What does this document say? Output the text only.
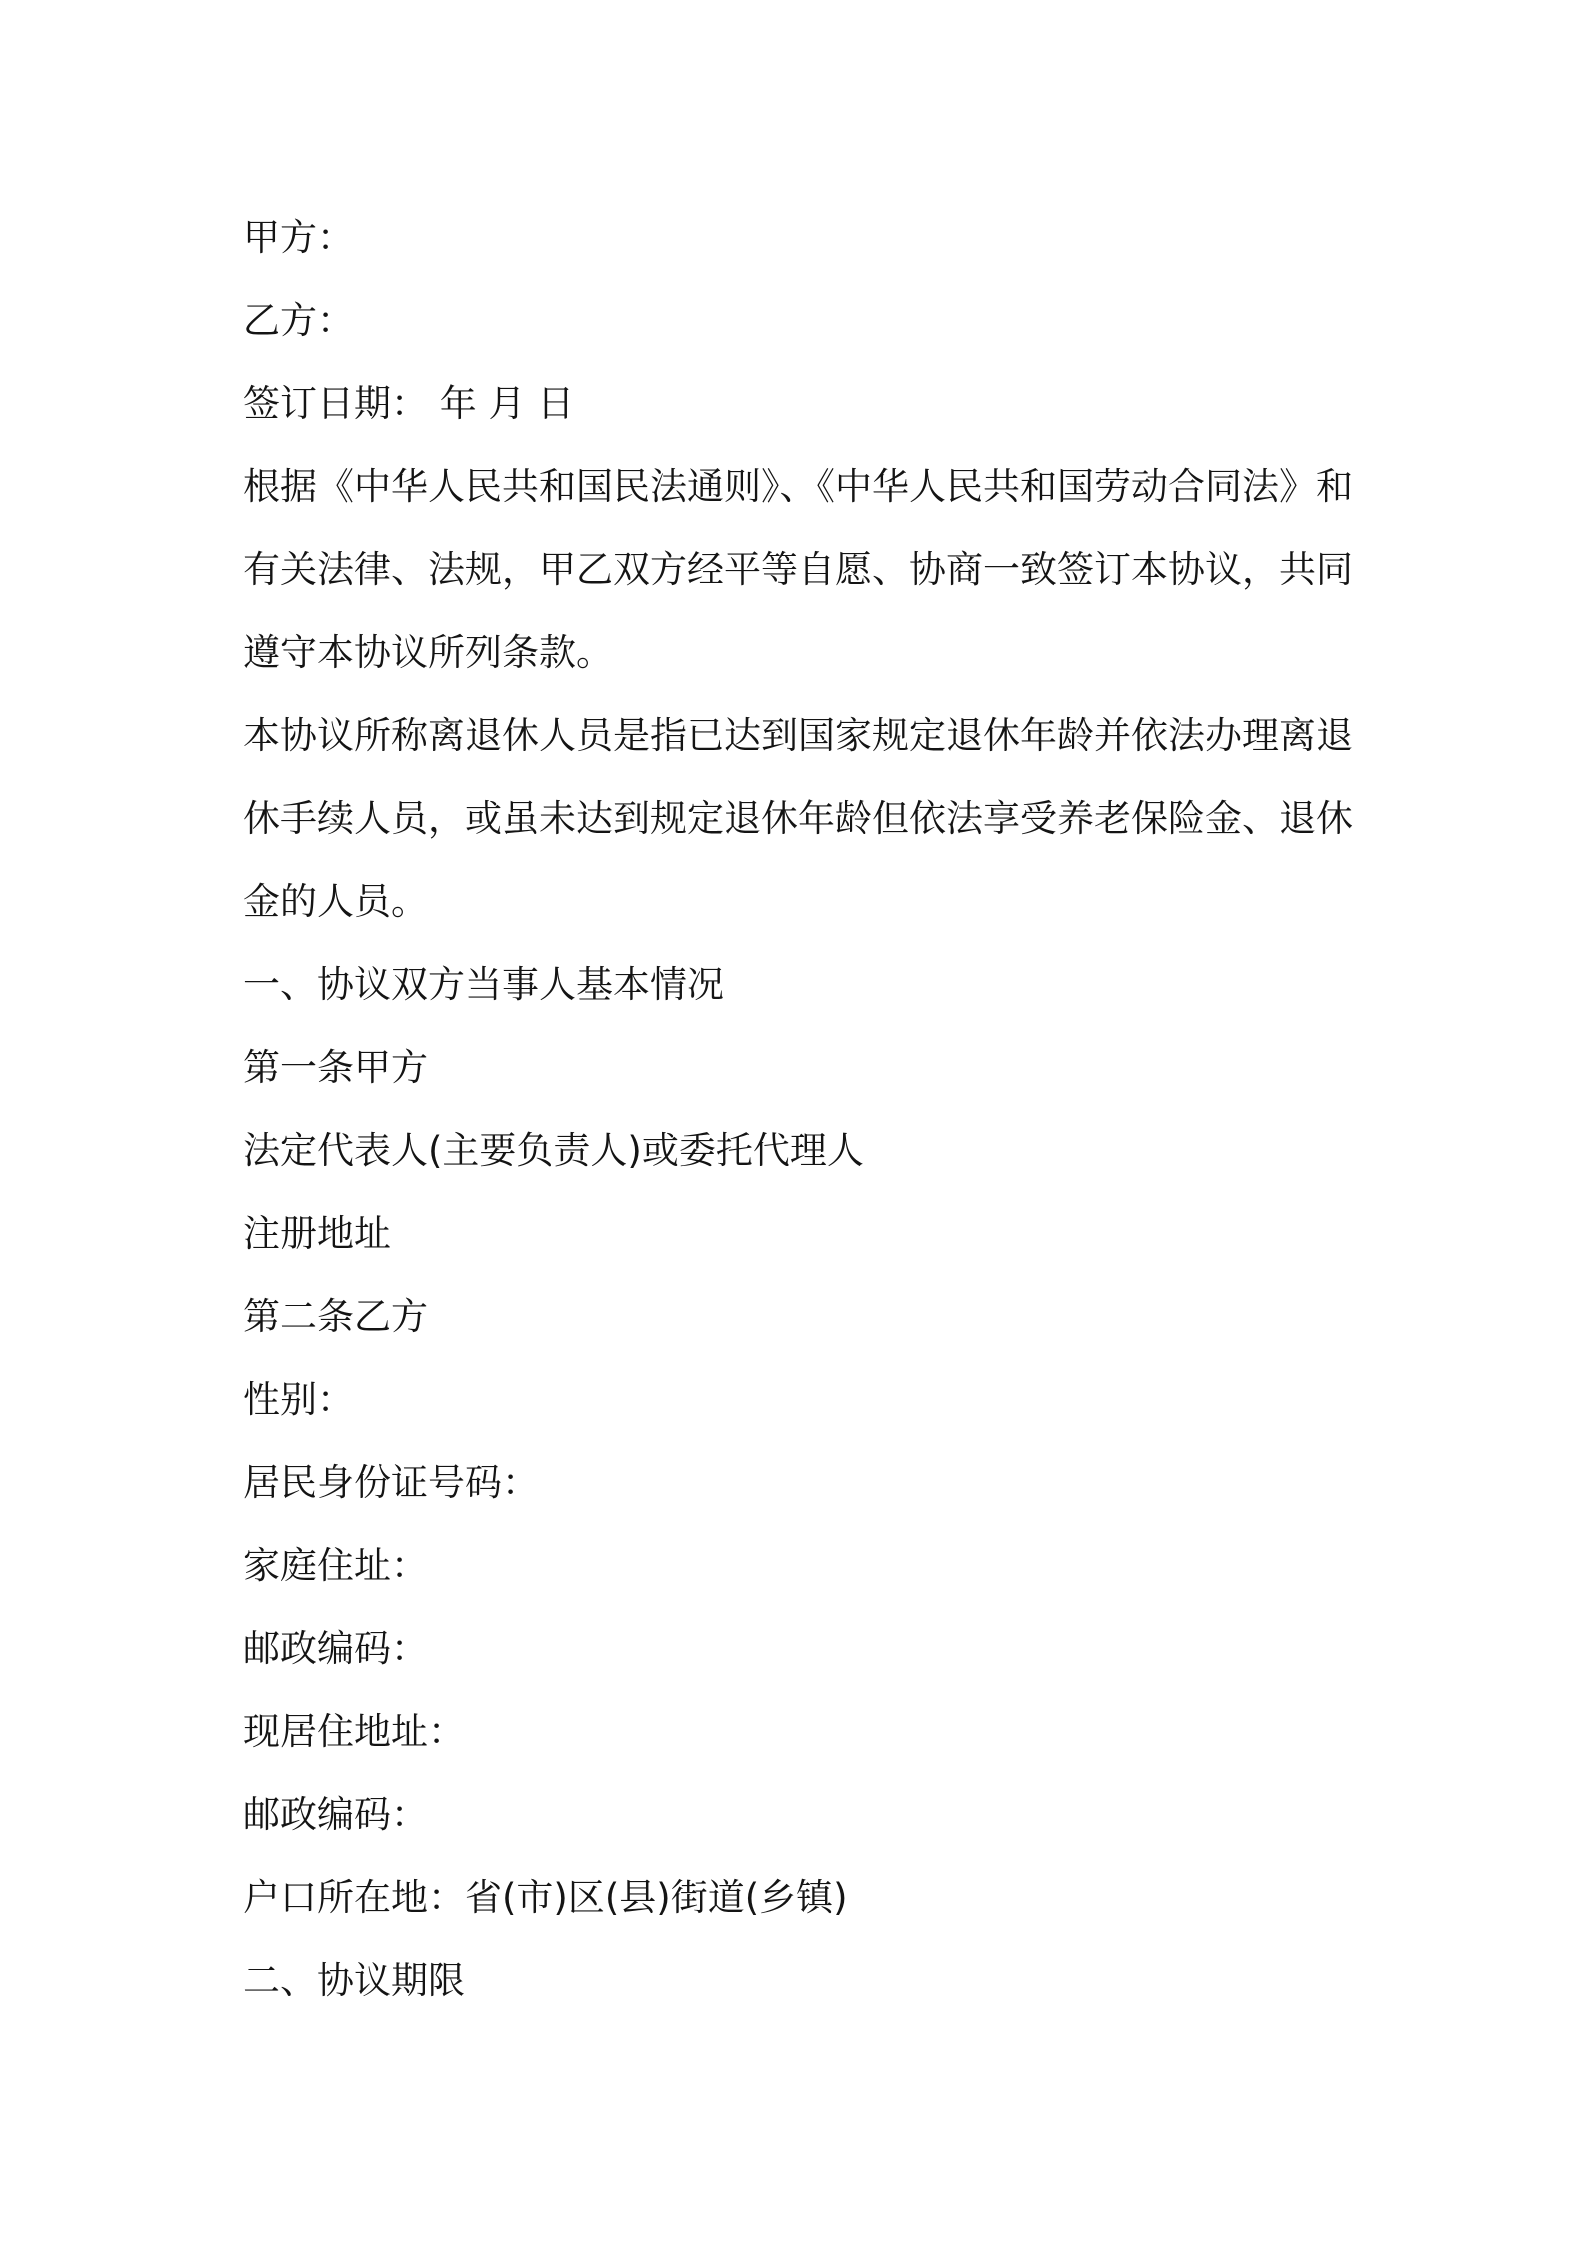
甲方：
乙方：
签订日期： 年 月 日
根据《中华人民共和国民法通则》、《中华人民共和国劳动合同法》和有关法律、法规，甲乙双方经平等自愿、协商一致签订本协议，共同遵守本协议所列条款。
本协议所称离退休人员是指已达到国家规定退休年龄并依法办理离退休手续人员，或虽未达到规定退休年龄但依法享受养老保险金、退休金的人员。
一、协议双方当事人基本情况
第一条甲方
法定代表人(主要负责人)或委托代理人
注册地址
第二条乙方
性别：
居民身份证号码：
家庭住址：
邮政编码：
现居住地址：
邮政编码：
户口所在地：省(市)区(县)街道(乡镇)
二、协议期限
